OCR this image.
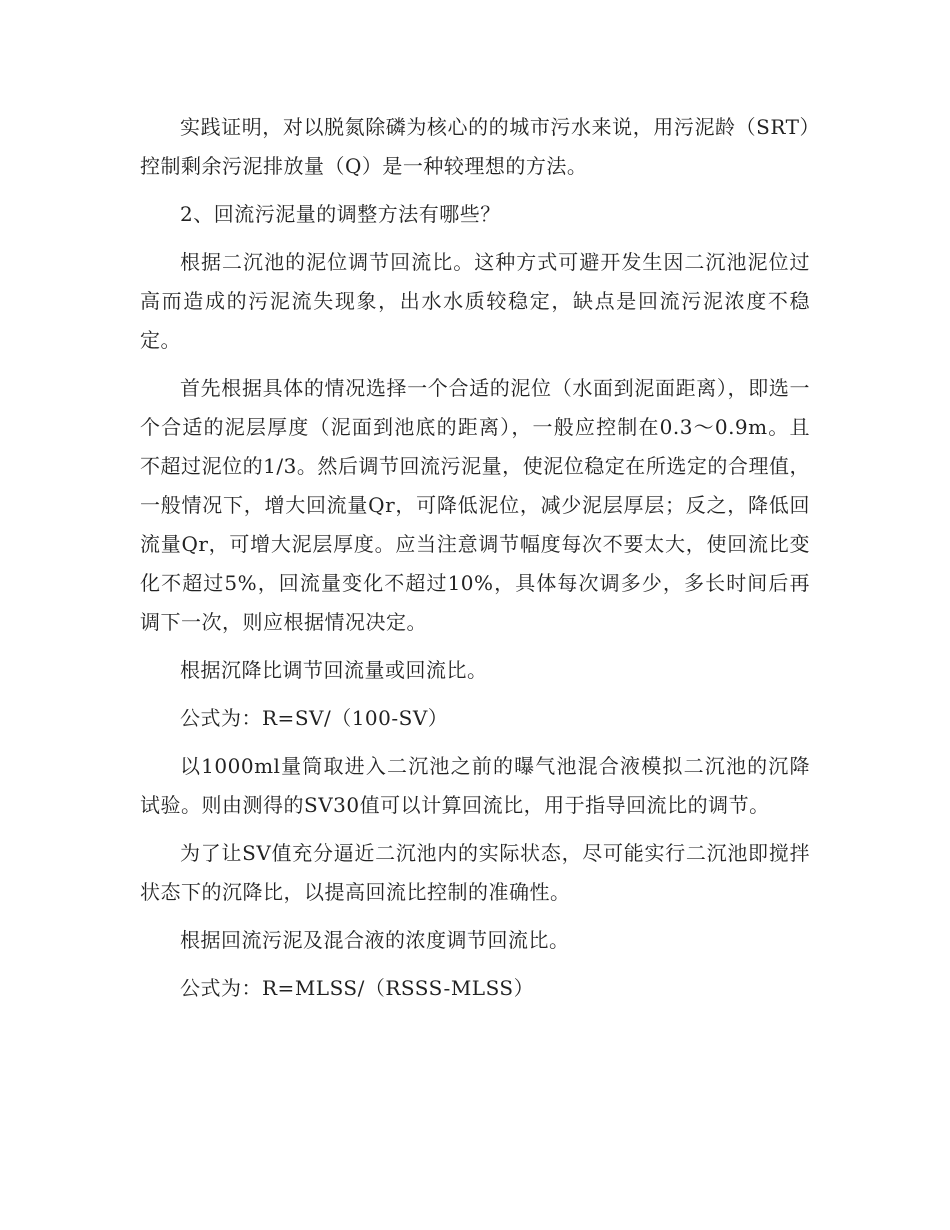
实践证明，对以脱氮除磷为核心的的城市污水来说，用污泥龄（SRT）控制剩余污泥排放量（Q）是一种较理想的方法。

2、回流污泥量的调整方法有哪些？

根据二沉池的泥位调节回流比。这种方式可避开发生因二沉池泥位过高而造成的污泥流失现象，出水水质较稳定，缺点是回流污泥浓度不稳定。

首先根据具体的情况选择一个合适的泥位（水面到泥面距离），即选一个合适的泥层厚度（泥面到池底的距离），一般应控制在0.3～0.9m。且不超过泥位的1/3。然后调节回流污泥量，使泥位稳定在所选定的合理值，一般情况下，增大回流量Qr，可降低泥位，减少泥层厚层；反之，降低回流量Qr，可增大泥层厚度。应当注意调节幅度每次不要太大，使回流比变化不超过5%，回流量变化不超过10%，具体每次调多少，多长时间后再调下一次，则应根据情况决定。

根据沉降比调节回流量或回流比。

公式为：R=SV/（100-SV）

以1000ml量筒取进入二沉池之前的曝气池混合液模拟二沉池的沉降试验。则由测得的SV30值可以计算回流比，用于指导回流比的调节。

为了让SV值充分逼近二沉池内的实际状态，尽可能实行二沉池即搅拌状态下的沉降比，以提高回流比控制的准确性。

根据回流污泥及混合液的浓度调节回流比。

公式为：R=MLSS/（RSSS-MLSS）
